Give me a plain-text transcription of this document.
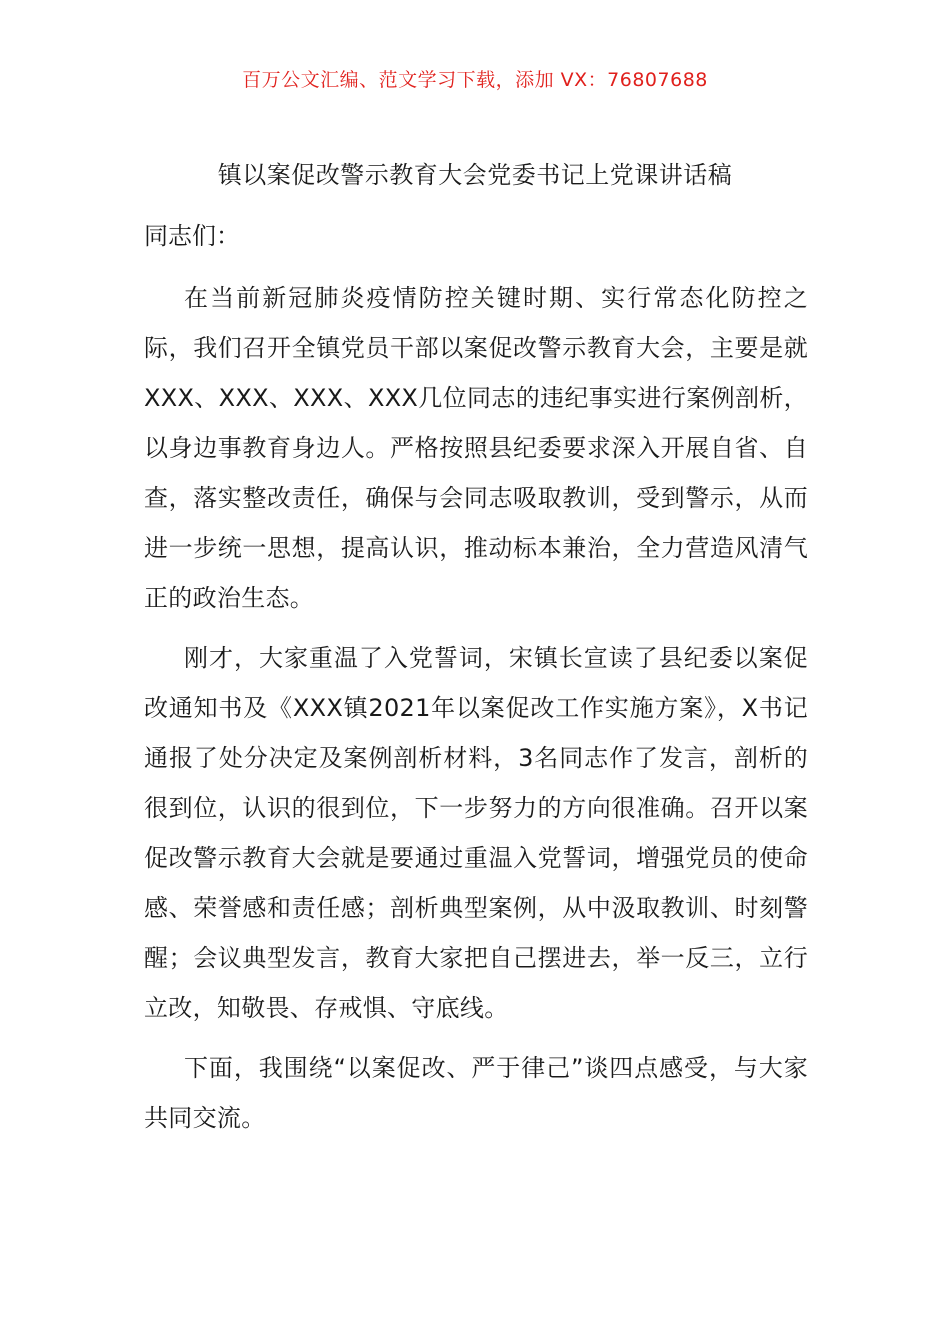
百万公文汇编、范文学习下载，添加 VX：76807688
镇以案促改警示教育大会党委书记上党课讲话稿
同志们：

在当前新冠肺炎疫情防控关键时期、实行常态化防控之际，我们召开全镇党员干部以案促改警示教育大会，主要是就XXX、XXX、XXX、XXX几位同志的违纪事实进行案例剖析，以身边事教育身边人。严格按照县纪委要求深入开展自省、自查，落实整改责任，确保与会同志吸取教训，受到警示，从而进一步统一思想，提高认识，推动标本兼治，全力营造风清气正的政治生态。

刚才，大家重温了入党誓词，宋镇长宣读了县纪委以案促改通知书及《XXX镇2021年以案促改工作实施方案》，X书记通报了处分决定及案例剖析材料，3名同志作了发言，剖析的很到位，认识的很到位，下一步努力的方向很准确。召开以案促改警示教育大会就是要通过重温入党誓词，增强党员的使命感、荣誉感和责任感；剖析典型案例，从中汲取教训、时刻警醒；会议典型发言，教育大家把自己摆进去，举一反三，立行立改，知敬畏、存戒惧、守底线。

下面，我围绕“以案促改、严于律己”谈四点感受，与大家共同交流。
